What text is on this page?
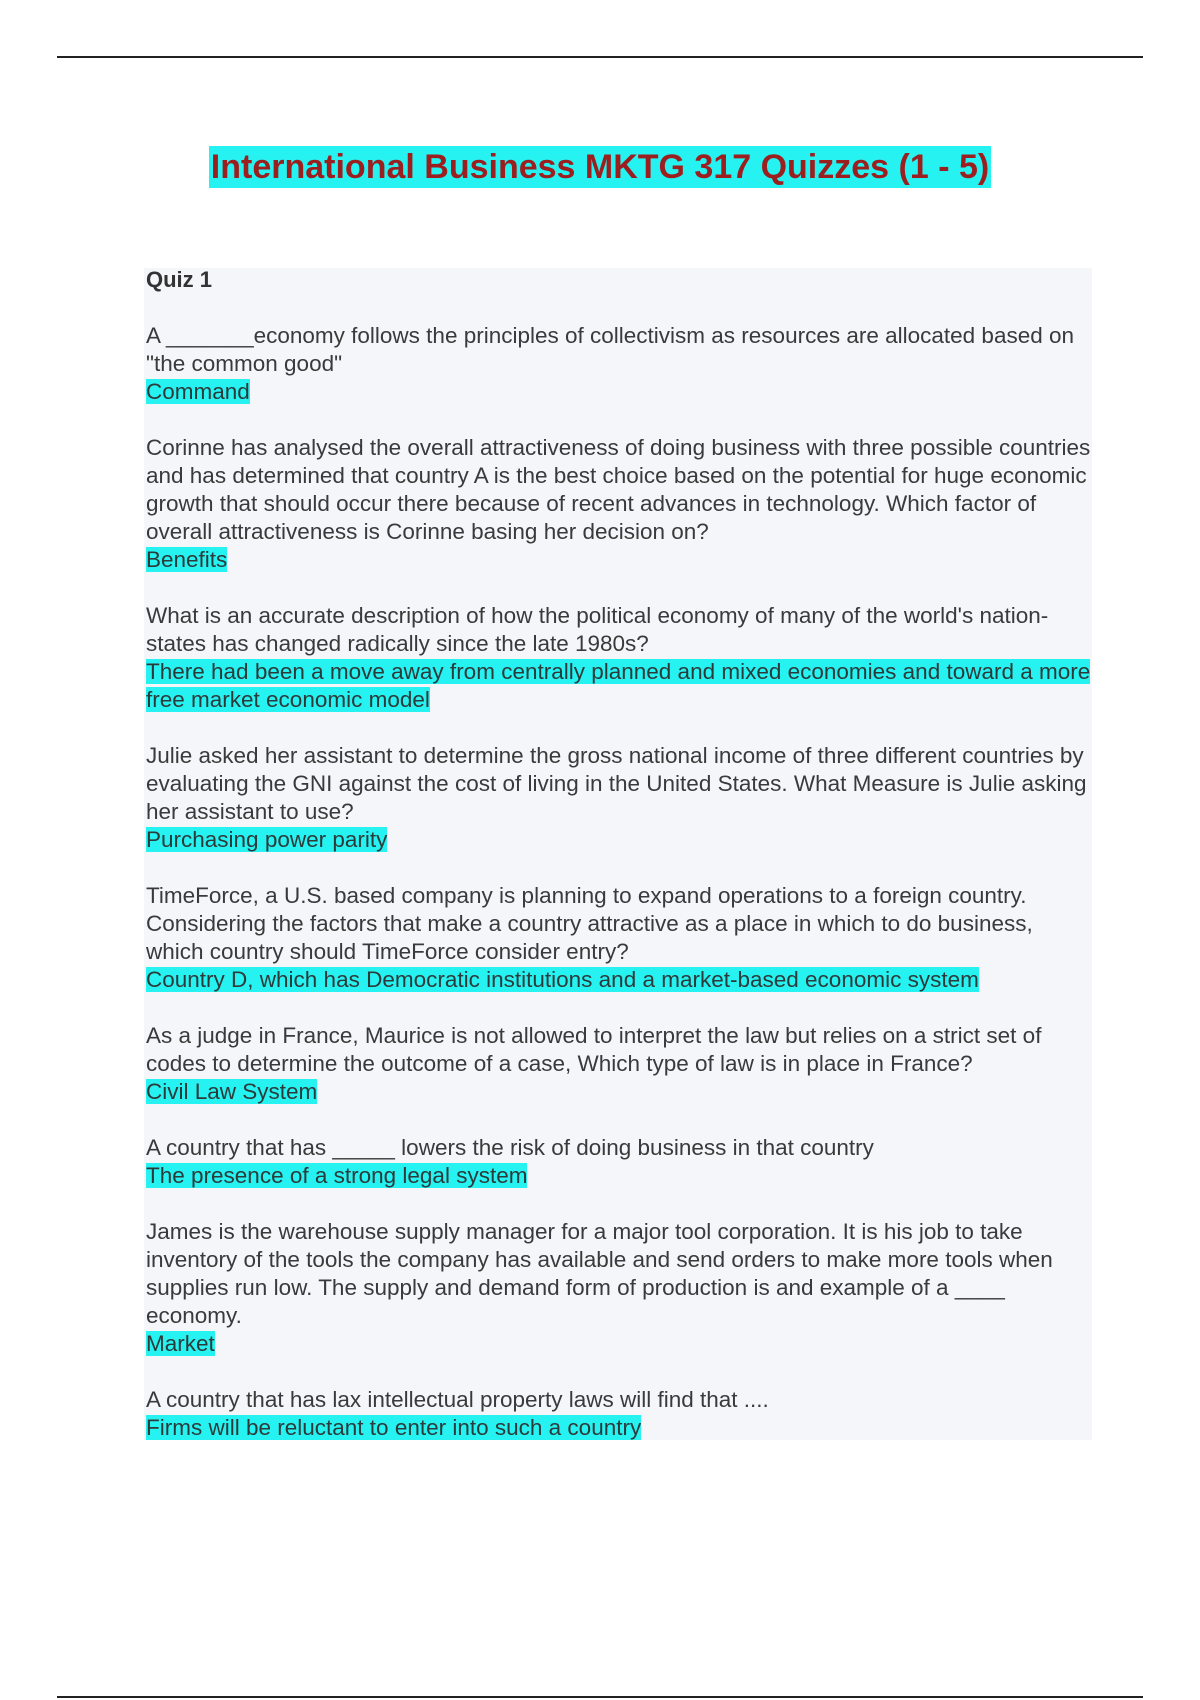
International Business MKTG 317 Quizzes (1 - 5)
Quiz 1

A _______economy follows the principles of collectivism as resources are allocated based on "the common good"

Command

Corinne has analysed the overall attractiveness of doing business with three possible countries and has determined that country A is the best choice based on the potential for huge economic growth that should occur there because of recent advances in technology. Which factor of overall attractiveness is Corinne basing her decision on?

Benefits

What is an accurate description of how the political economy of many of the world's nation-states has changed radically since the late 1980s?

There had been a move away from centrally planned and mixed economies and toward a more free market economic model

Julie asked her assistant to determine the gross national income of three different countries by evaluating the GNI against the cost of living in the United States. What Measure is Julie asking her assistant to use?

Purchasing power parity

TimeForce, a U.S. based company is planning to expand operations to a foreign country. Considering the factors that make a country attractive as a place in which to do business, which country should TimeForce consider entry?

Country D, which has Democratic institutions and a market-based economic system

As a judge in France, Maurice is not allowed to interpret the law but relies on a strict set of codes to determine the outcome of a case, Which type of law is in place in France?

Civil Law System

A country that has _____ lowers the risk of doing business in that country

The presence of a strong legal system

James is the warehouse supply manager for a major tool corporation. It is his job to take inventory of the tools the company has available and send orders to make more tools when supplies run low. The supply and demand form of production is and example of a ____ economy.

Market

A country that has lax intellectual property laws will find that ....

Firms will be reluctant to enter into such a country
